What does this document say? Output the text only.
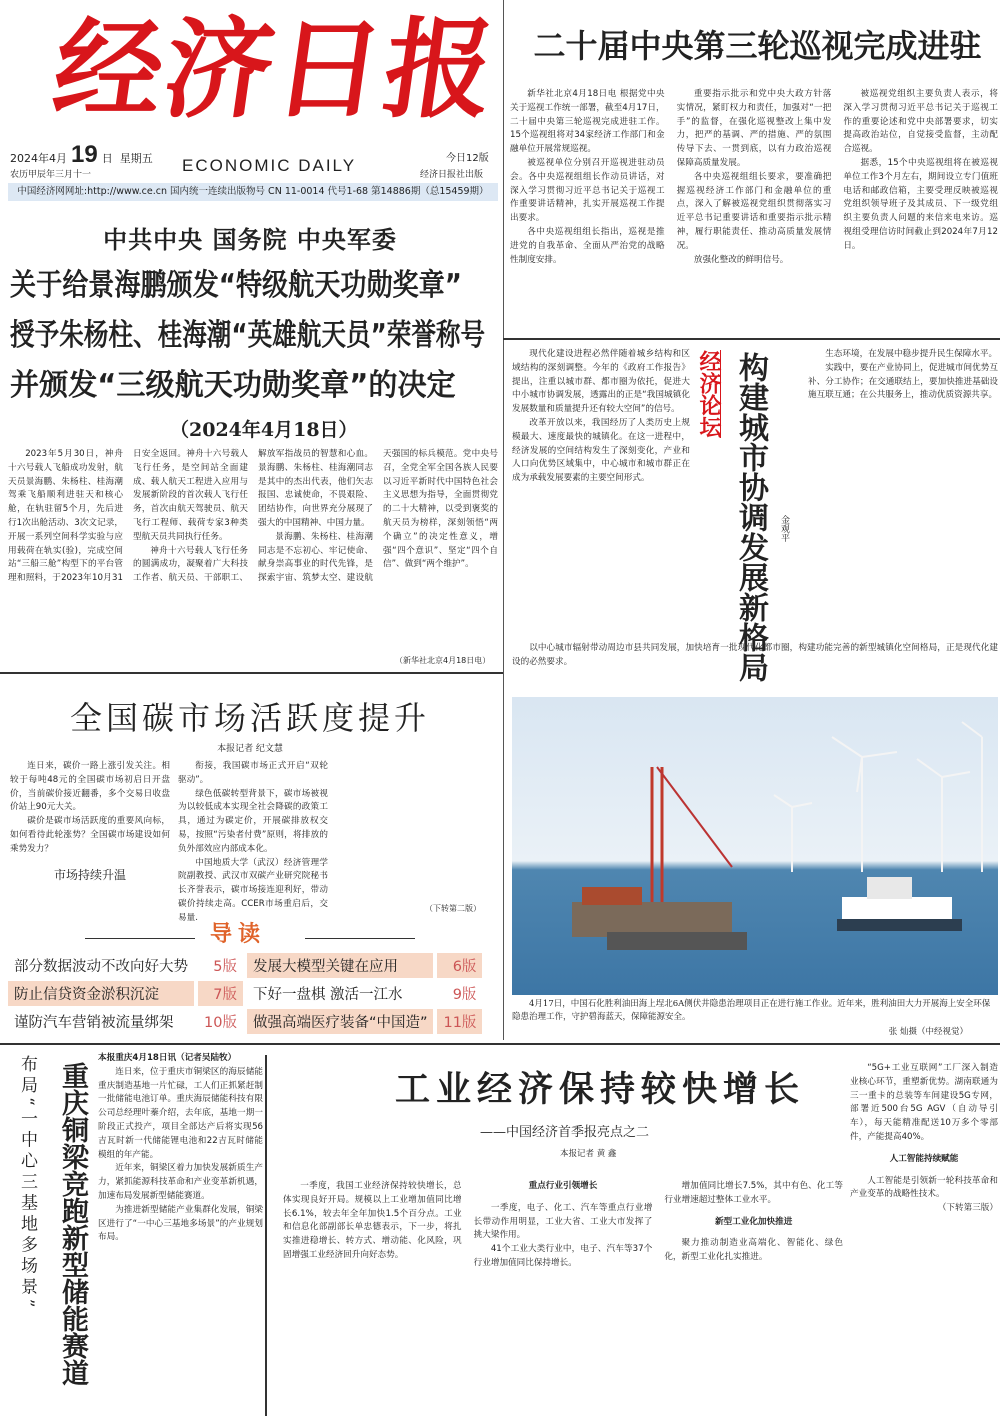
经济日报
2024年4月 19 日 星期五
农历甲辰年三月十一	ECONOMIC DAILY	今日12版
经济日报社出版
中国经济网网址:http://www.ce.cn 国内统一连续出版物号 CN 11-0014 代号1-68 第14886期（总15459期）
二十届中央第三轮巡视完成进驻

新华社北京4月18日电 根据党中央关于巡视工作统一部署，截至4月17日，二十届中央第三轮巡视完成进驻工作。15个巡视组将对34家经济工作部门和金融单位开展常规巡视。

被巡视单位分别召开巡视进驻动员会。各中央巡视组组长作动员讲话，对深入学习贯彻习近平总书记关于巡视工作重要讲话精神，扎实开展巡视工作提出要求。

各中央巡视组组长指出，巡视是推进党的自我革命、全面从严治党的战略性制度安排。

重要指示批示和党中央大政方针落实情况，紧盯权力和责任，加强对“一把手”的监督，在强化巡视整改上集中发力，把严的基调、严的措施、严的氛围传导下去、一贯到底，以有力政治巡视保障高质量发展。

各中央巡视组组长要求，要准确把握巡视经济工作部门和金融单位的重点，深入了解被巡视党组织贯彻落实习近平总书记重要讲话和重要指示批示精神，履行职能责任、推动高质量发展情况。

放强化整改的鲜明信号。

被巡视党组织主要负责人表示，将深入学习贯彻习近平总书记关于巡视工作的重要论述和党中央部署要求，切实提高政治站位，自觉接受监督，主动配合巡视。

据悉，15个中央巡视组将在被巡视单位工作3个月左右，期间设立专门值班电话和邮政信箱，主要受理反映被巡视党组织领导班子及其成员、下一级党组织主要负责人问题的来信来电来访。巡视组受理信访时间截止到2024年7月12日。

中共中央 国务院 中央军委
关于给景海鹏颁发“特级航天功勋奖章”
授予朱杨柱、桂海潮“英雄航天员”荣誉称号
并颁发“三级航天功勋奖章”的决定
（2024年4月18日）

2023年5月30日，神舟十六号载人飞船成功发射，航天员景海鹏、朱杨柱、桂海潮驾乘飞船顺利进驻天和核心舱，在轨驻留5个月，先后进行1次出舱活动、3次文记录，开展一系列空间科学实验与应用载荷在轨实(验)，完成空间站“三船三舱”构型下的平台管理和照料，于2023年10月31日安全返回。神舟十六号载人飞行任务，是空间站全面建成、载人航天工程进入应用与发展新阶段的首次载人飞行任务，首次由航天驾驶员、航天飞行工程师、载荷专家3种类型航天员共同执行任务。

神舟十六号载人飞行任务的圆满成功，凝聚着广大科技工作者、航天员、干部职工、解放军指战员的智慧和心血。景海鹏、朱杨柱、桂海潮同志是其中的杰出代表，他们矢志报国、忠诚使命，不畏艰险、团结协作，向世界充分展现了强大的中国精神、中国力量。

景海鹏、朱杨柱、桂海潮同志是不忘初心、牢记使命、献身崇高事业的时代先锋，是探索宇宙、筑梦太空、建设航天强国的标兵模范。党中央号召，全党全军全国各族人民要以习近平新时代中国特色社会主义思想为指导，全面贯彻党的二十大精神，以受到褒奖的航天员为榜样，深刻领悟“两个确立”的决定性意义，增强“四个意识”、坚定“四个自信”、做到“两个维护”。

（新华社北京4月18日电）

现代化建设进程必然伴随着城乡结构和区域结构的深刻调整。今年的《政府工作报告》提出，注重以城市群、都市圈为依托，促进大中小城市协调发展，透露出的正是“我国城镇化发展数量和质量提升还有较大空间”的信号。

改革开放以来，我国经历了人类历史上规模最大、速度最快的城镇化。在这一进程中，经济发展的空间结构发生了深刻变化，产业和人口向优势区域集中，中心城市和城市群正在成为承载发展要素的主要空间形式。

经济论坛 构建城市协调发展新格局 金观平

生态环境，在发展中稳步提升民生保障水平。

实践中，要在产业协同上，促进城市间优势互补、分工协作；在交通联结上，要加快推进基础设施互联互通；在公共服务上，推动优质资源共享。

以中心城市辐射带动周边市县共同发展，加快培育一批现代化都市圈，构建功能完善的新型城镇化空间格局，正是现代化建设的必然要求。

4月17日，中国石化胜利油田海上埕北6A侧伏井隐患治理项目正在进行施工作业。近年来，胜利油田大力开展海上安全环保隐患治理工作，守护碧海蓝天，保障能源安全。
张 灿摄（中经视觉）
全国碳市场活跃度提升
本报记者 纪文慧

连日来，碳价一路上涨引发关注。相较于每吨48元的全国碳市场初启日开盘价，当前碳价接近翻番，多个交易日收盘价站上90元大关。

碳价是碳市场活跃度的重要风向标，如何看待此轮涨势？全国碳市场建设如何乘势发力？

市场持续升温

衔接，我国碳市场正式开启“双轮驱动”。

绿色低碳转型背景下，碳市场被视为以较低成本实现全社会降碳的政策工具，通过为碳定价，开展碳排放权交易，按照“污染者付费”原则，将排放的负外部效应内部成本化。

中国地质大学（武汉）经济管理学院副教授、武汉市双碳产业研究院秘书长齐誉表示，碳市场接连迎利好，带动碳价持续走高。CCER市场重启后，交易量.

（下转第二版）
导读
部分数据波动不改向好大势	5版	发展大模型关键在应用	6版
防止信贷资金淤积沉淀	7版	下好一盘棋 激活一江水	9版
谨防汽车营销被流量绑架	10版	做强高端医疗装备“中国造”	11版
布局“一中心三基地多场景” 重庆铜梁竞跑新型储能赛道
本报重庆4月18日讯（记者吴陆牧）

连日来，位于重庆市铜梁区的海辰储能重庆制造基地一片忙碌，工人们正抓紧赶制一批储能电池订单。重庆海辰储能科技有限公司总经理叶蓁介绍，去年底，基地一期一阶段正式投产，项目全部达产后将实现56吉瓦时新一代储能锂电池和22吉瓦时储能模组的年产能。

近年来，铜梁区着力加快发展新质生产力，紧抓能源科技革命和产业变革新机遇，加速布局发展新型储能赛道。

为推进新型储能产业集群化发展，铜梁区进行了“一中心三基地多场景”的产业规划布局。

工业经济保持较快增长
——中国经济首季报亮点之二
本报记者 黄 鑫

一季度，我国工业经济保持较快增长，总体实现良好开局。规模以上工业增加值同比增长6.1%，较去年全年加快1.5个百分点。工业和信息化部副部长单忠德表示，下一步，将扎实推进稳增长、转方式、增动能、化风险，巩固增强工业经济回升向好态势。

重点行业引领增长

一季度，电子、化工、汽车等重点行业增长带动作用明显，工业大省、工业大市发挥了挑大梁作用。

41个工业大类行业中，电子、汽车等37个行业增加值同比保持增长。

增加值同比增长7.5%，其中有色、化工等行业增速超过整体工业水平。

新型工业化加快推进

聚力推动制造业高端化、智能化、绿色化，新型工业化扎实推进。

“5G+工业互联网”工厂深入制造业核心环节，重塑新优势。湖南联通为三一重卡的总装等车间建设5G专网，部署近500台5G AGV（自动导引车），每天能精准配送10万多个零部件，产能提高40%。

人工智能持续赋能

人工智能是引领新一轮科技革命和产业变革的战略性技术。

（下转第三版）
